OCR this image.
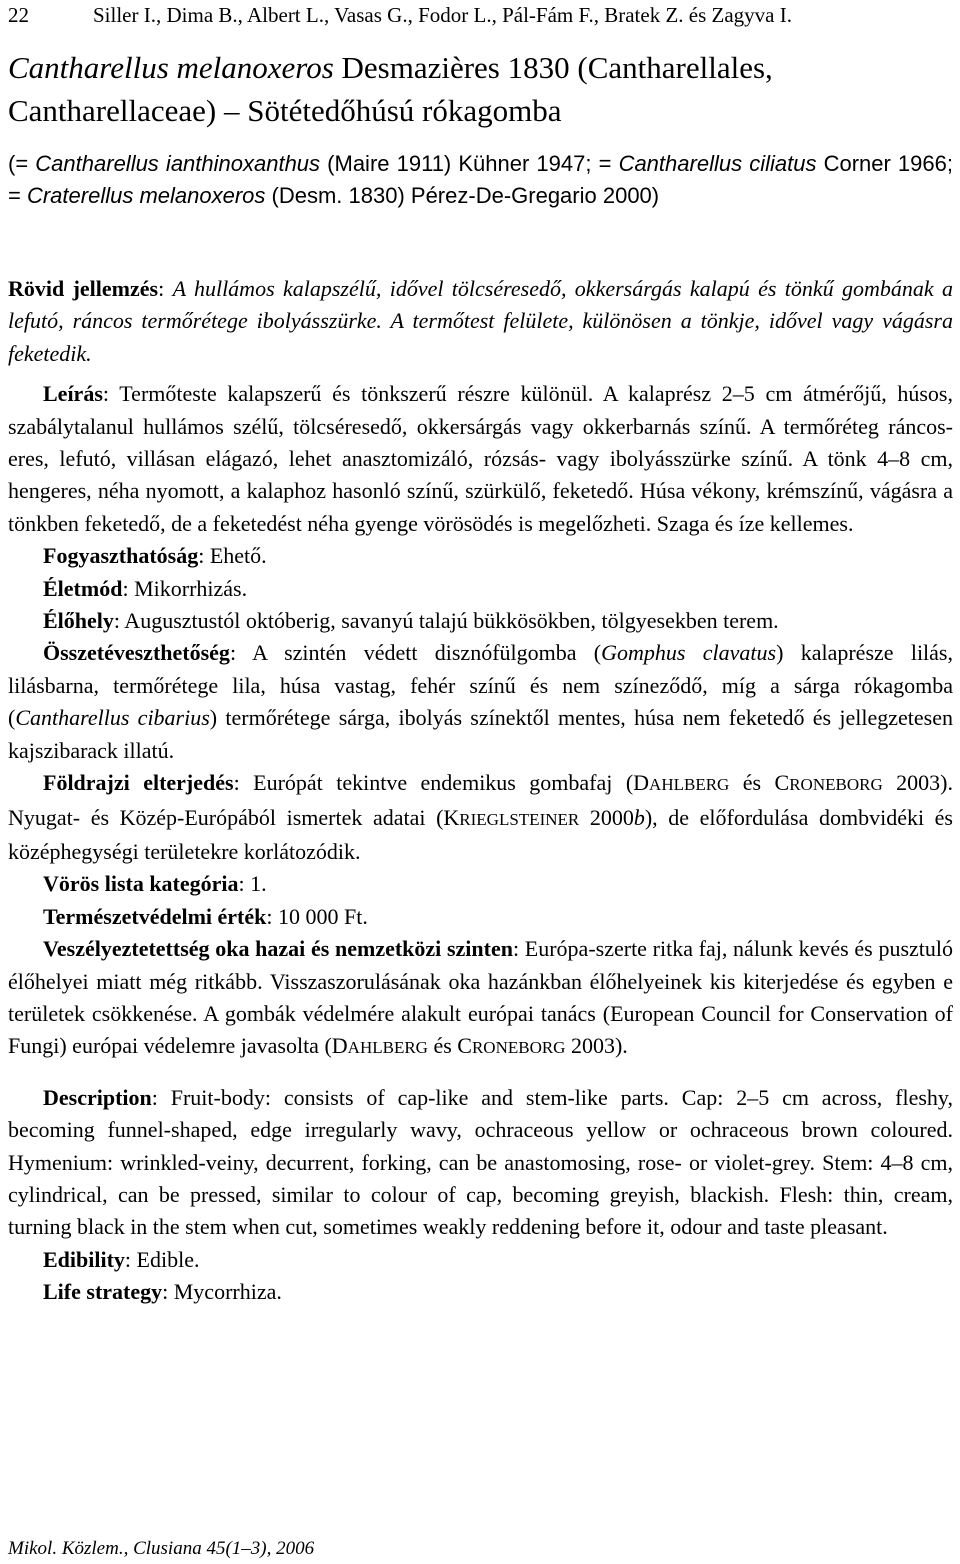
22	Siller I., Dima B., Albert L., Vasas G., Fodor L., Pál-Fám F., Bratek Z. és Zagyva I.
Cantharellus melanoxeros Desmazières 1830 (Cantharellales,
Cantharellaceae) – Sötétedőhúsú rókagomba
(= Cantharellus ianthinoxanthus (Maire 1911) Kühner 1947; = Cantharellus ciliatus Corner 1966; = Craterellus melanoxeros (Desm. 1830) Pérez-De-Gregario 2000)

Rövid jellemzés: A hullámos kalapszélű, idővel tölcséresedő, okkersárgás kalapú és tönkű gombának a lefutó, ráncos termőrétege ibolyásszürke. A termőtest felülete, különösen a tönkje, idővel vagy vágásra feketedik.

Leírás: Termőteste kalapszerű és tönkszerű részre különül. A kalaprész 2–5 cm átmérőjű, húsos, szabálytalanul hullámos szélű, tölcséresedő, okkersárgás vagy okkerbarnás színű. A termőréteg ráncos-eres, lefutó, villásan elágazó, lehet anasztomizáló, rózsás- vagy ibolyásszürke színű. A tönk 4–8 cm, hengeres, néha nyomott, a kalaphoz hasonló színű, szürkülő, feketedő. Húsa vékony, krémszínű, vágásra a tönkben feketedő, de a feketedést néha gyenge vörösödés is megelőzheti. Szaga és íze kellemes.

Fogyaszthatóság: Ehető.

Életmód: Mikorrhizás.

Élőhely: Augusztustól októberig, savanyú talajú bükkösökben, tölgyesekben terem.

Összetéveszthetőség: A szintén védett disznófülgomba (Gomphus clavatus) kalaprésze lilás, lilásbarna, termőrétege lila, húsa vastag, fehér színű és nem színeződő, míg a sárga rókagomba (Cantharellus cibarius) termőrétege sárga, ibolyás színektől mentes, húsa nem feketedő és jellegzetesen kajszibarack illatú.

Földrajzi elterjedés: Európát tekintve endemikus gombafaj (DAHLBERG és CRONEBORG 2003). Nyugat- és Közép-Európából ismertek adatai (KRIEGLSTEINER 2000b), de előfordulása dombvidéki és középhegységi területekre korlátozódik.

Vörös lista kategória: 1.

Természetvédelmi érték: 10 000 Ft.

Veszélyeztetettség oka hazai és nemzetközi szinten: Európa-szerte ritka faj, nálunk kevés és pusztuló élőhelyei miatt még ritkább. Visszaszorulásának oka hazánkban élőhelyeinek kis kiterjedése és egyben e területek csökkenése. A gombák védelmére alakult európai tanács (European Council for Conservation of Fungi) európai védelemre javasolta (DAHLBERG és CRONEBORG 2003).

Description: Fruit-body: consists of cap-like and stem-like parts. Cap: 2–5 cm across, fleshy, becoming funnel-shaped, edge irregularly wavy, ochraceous yellow or ochraceous brown coloured. Hymenium: wrinkled-veiny, decurrent, forking, can be anastomosing, rose- or violet-grey. Stem: 4–8 cm, cylindrical, can be pressed, similar to colour of cap, becoming greyish, blackish. Flesh: thin, cream, turning black in the stem when cut, sometimes weakly reddening before it, odour and taste pleasant.

Edibility: Edible.

Life strategy: Mycorrhiza.

Mikol. Közlem., Clusiana 45(1–3), 2006
